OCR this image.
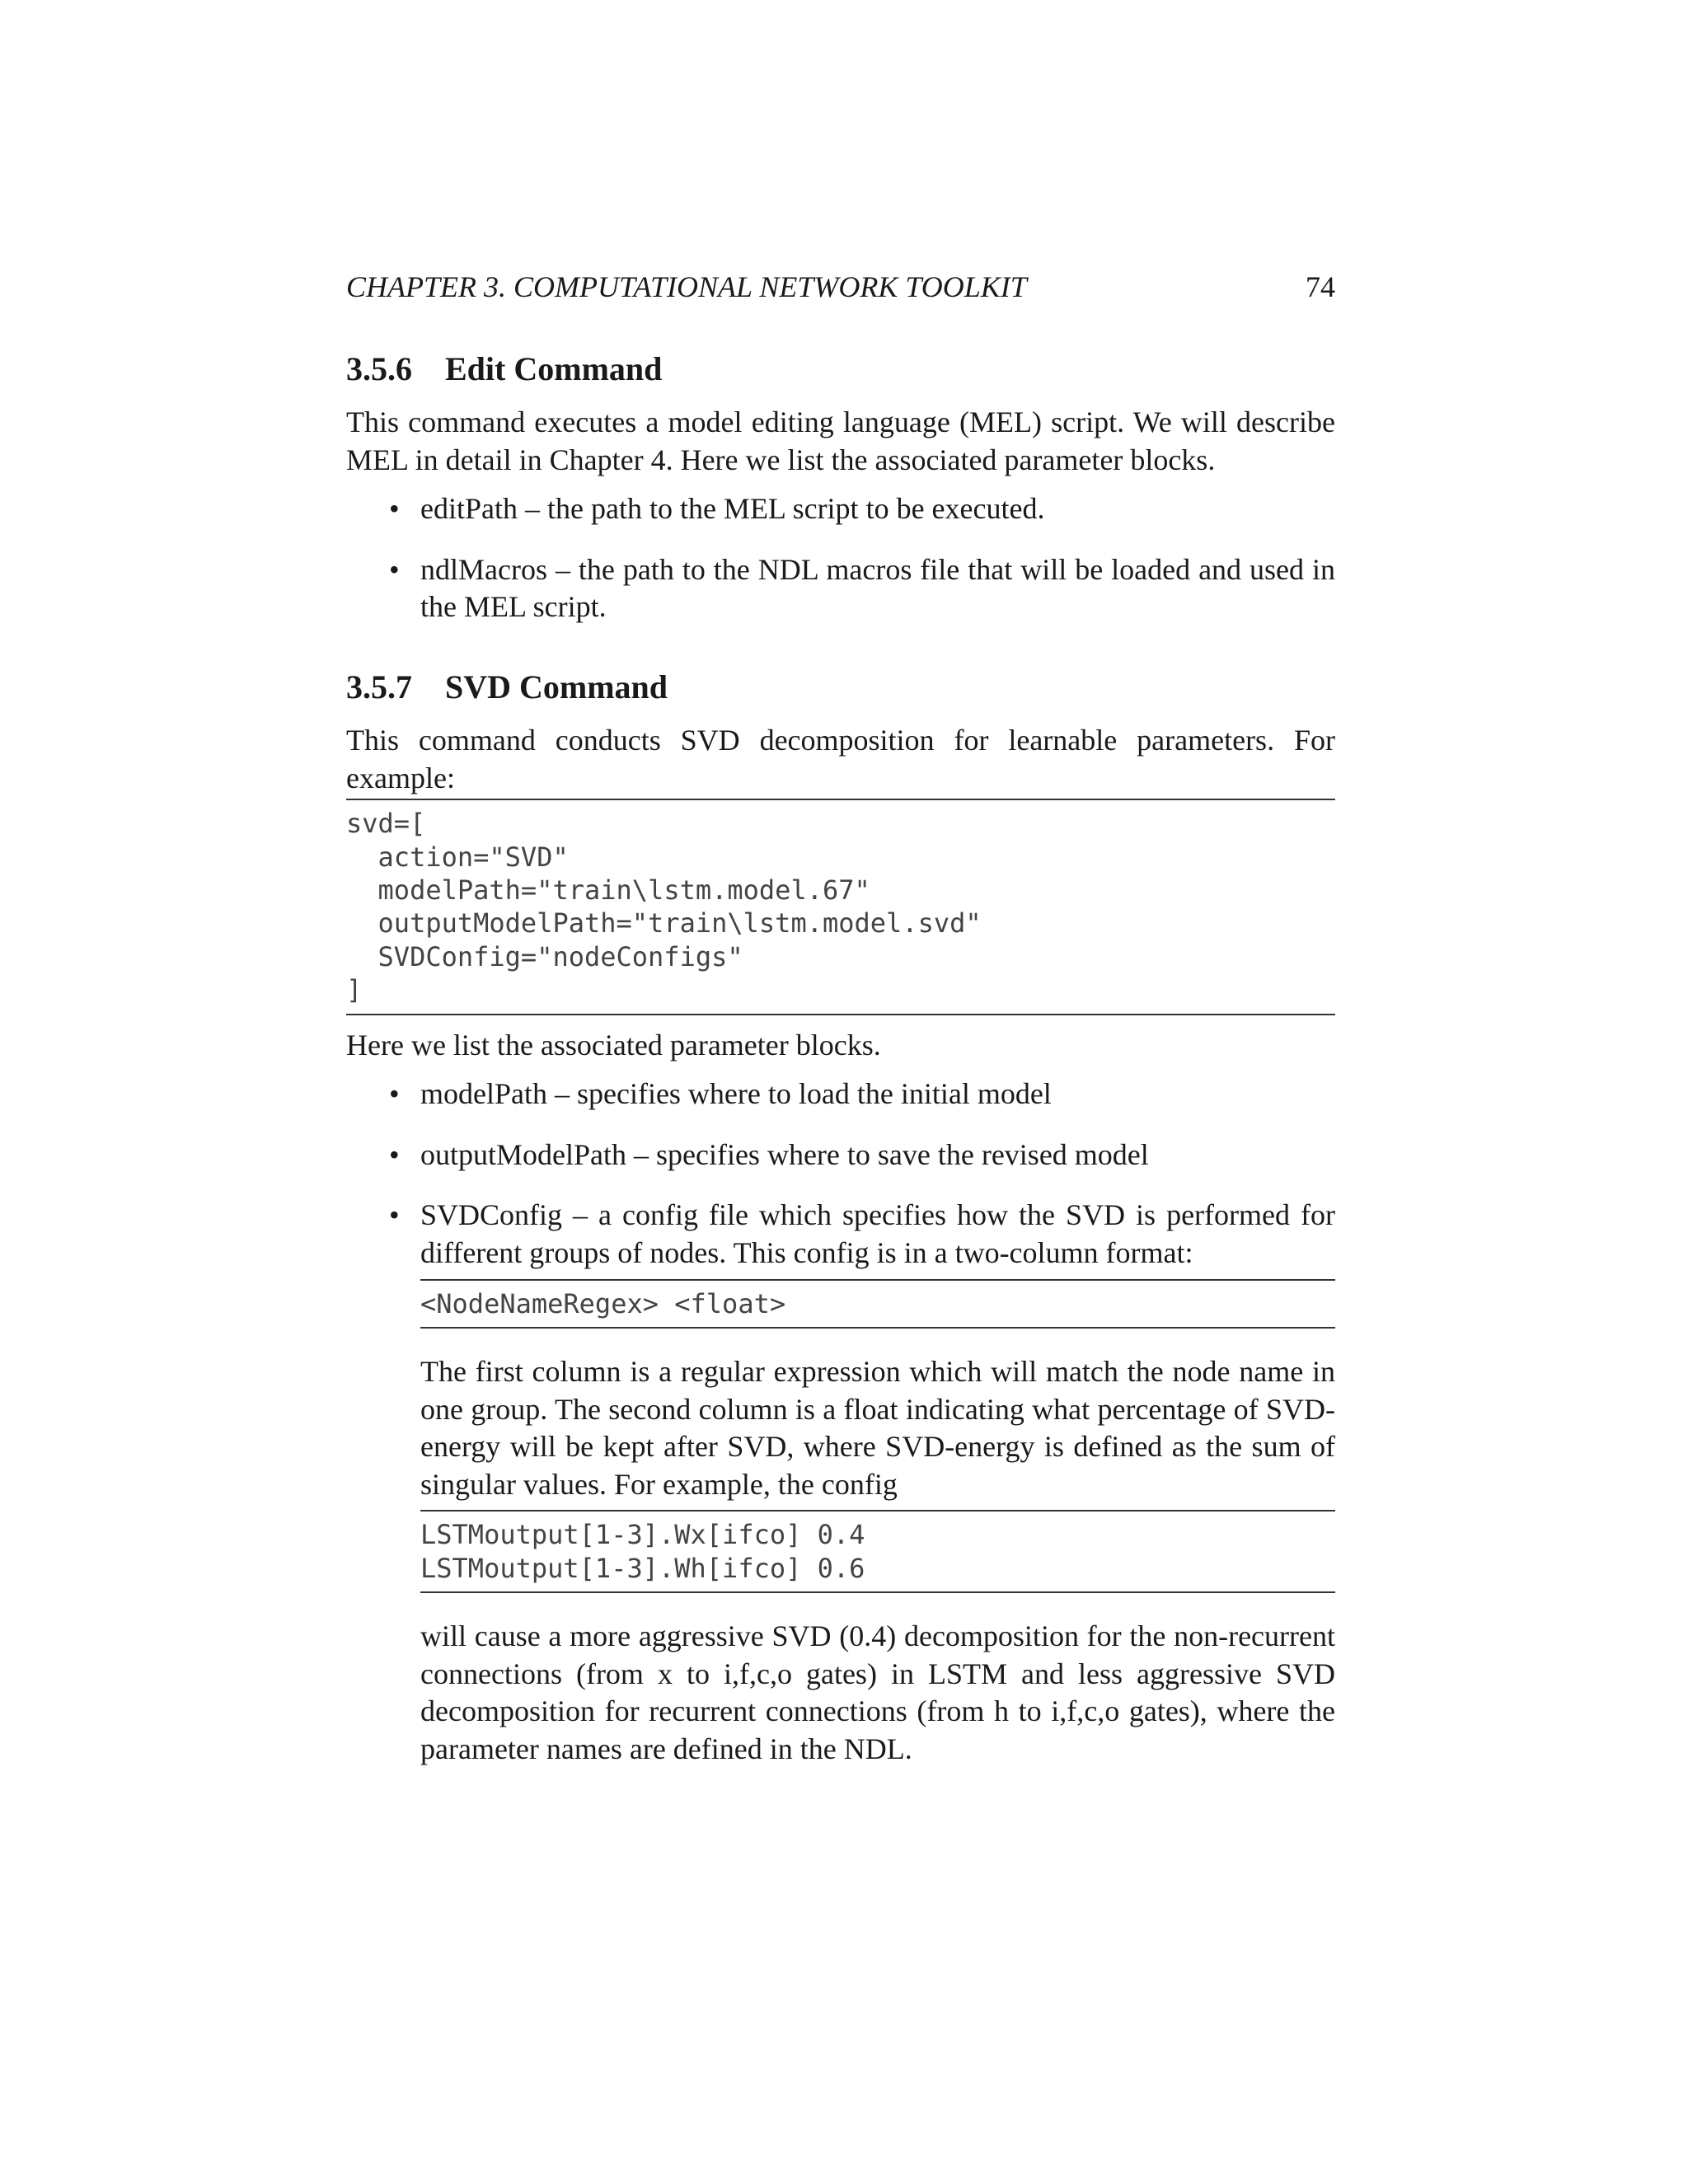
CHAPTER 3. COMPUTATIONAL NETWORK TOOLKIT	74
3.5.6 Edit Command

This command executes a model editing language (MEL) script. We will describe MEL in detail in Chapter 4. Here we list the associated parameter blocks.

• editPath – the path to the MEL script to be executed.
• ndlMacros – the path to the NDL macros file that will be loaded and used in the MEL script.
3.5.7 SVD Command

This command conducts SVD decomposition for learnable parameters. For example:

svd=[
action="SVD"
modelPath="train\lstm.model.67"
outputModelPath="train\lstm.model.svd"
SVDConfig="nodeConfigs"
]

Here we list the associated parameter blocks.

• modelPath – specifies where to load the initial model
• outputModelPath – specifies where to save the revised model
• SVDConfig – a config file which specifies how the SVD is performed for different groups of nodes. This config is in a two-column format:
<NodeNameRegex> <float>

The first column is a regular expression which will match the node name in one group. The second column is a float indicating what percentage of SVD-energy will be kept after SVD, where SVD-energy is defined as the sum of singular values. For example, the config

LSTMoutput[1-3].Wx[ifco] 0.4
LSTMoutput[1-3].Wh[ifco] 0.6

will cause a more aggressive SVD (0.4) decomposition for the non-recurrent connections (from x to i,f,c,o gates) in LSTM and less aggressive SVD decomposition for recurrent connections (from h to i,f,c,o gates), where the parameter names are defined in the NDL.
